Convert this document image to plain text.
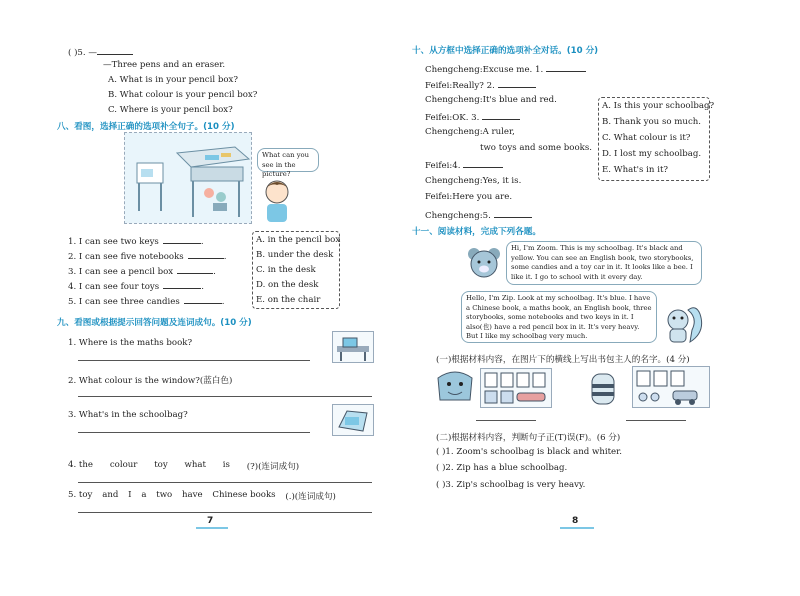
( )5. —
—Three pens and an eraser.
A. What is in your pencil box?
B. What colour is your pencil box?
C. Where is your pencil box?
八、看图，选择正确的选项补全句子。(10 分)
What can you see in the picture?
1. I can see two keys	.
2. I can see five notebooks	.
3. I can see a pencil box	.
4. I can see four toys	.
5. I can see three candies	.
A. in the pencil box
B. under the desk
C. in the desk
D. on the desk
E. on the chair
九、看图或根据提示回答问题及连词成句。(10 分)
1. Where is the maths book?
2. What colour is the window?(蓝白色)
3. What's in the schoolbag?
4. the colour toy what is (?)(连词成句)
5. toy and I a two have Chinese books (.)(连词成句)
7
十、从方框中选择正确的选项补全对话。(10 分)
Chengcheng:Excuse me. 1.
Feifei:Really? 2.
Chengcheng:It's blue and red.
Feifei:OK. 3.
Chengcheng:A ruler,
two toys and some books.
Feifei:4.
Chengcheng:Yes, it is.
Feifei:Here you are.
Chengcheng:5.
A. Is this your schoolbag?
B. Thank you so much.
C. What colour is it?
D. I lost my schoolbag.
E. What's in it?
十一、阅读材料，完成下列各题。
Hi, I'm Zoom. This is my schoolbag. It's black and yellow. You can see an English book, two storybooks, some candies and a toy car in it. It looks like a bee. I like it. I go to school with it every day.
Hello, I'm Zip. Look at my schoolbag. It's blue. I have a Chinese book, a maths book, an English book, three storybooks, some notebooks and two keys in it. I also(也) have a red pencil box in it. It's very heavy. But I like my schoolbag very much.
(一)根据材料内容，在图片下的横线上写出书包主人的名字。(4 分)
(二)根据材料内容，判断句子正(T)误(F)。(6 分)
( )1. Zoom's schoolbag is black and whiter.
( )2. Zip has a blue schoolbag.
( )3. Zip's schoolbag is very heavy.
8
